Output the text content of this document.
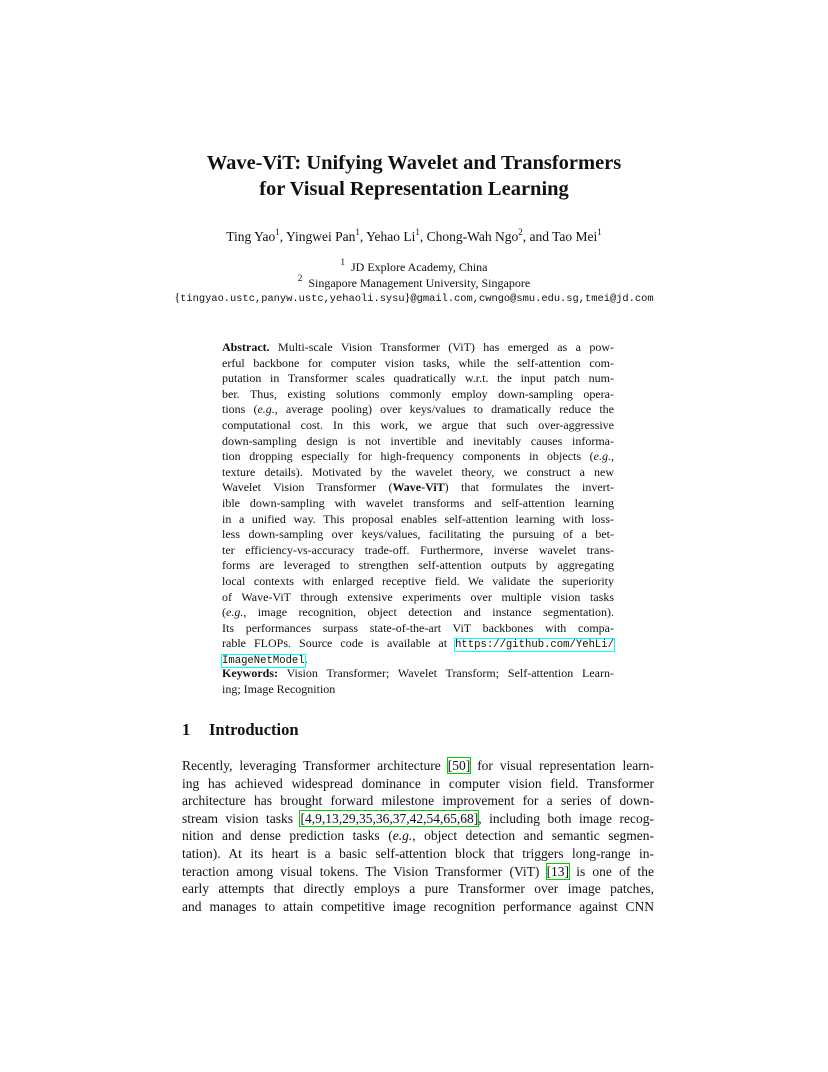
Wave-ViT: Unifying Wavelet and Transformers
for Visual Representation Learning
Ting Yao$^1$, Yingwei Pan$^1$, Yehao Li$^1$, Chong-Wah Ngo$^2$, and Tao Mei$^1$
$^1$ JD Explore Academy, China
$^2$ Singapore Management University, Singapore
{tingyao.ustc,panyw.ustc,yehaoli.sysu}@gmail.com,cwngo@smu.edu.sg,tmei@jd.com
Abstract. Multi-scale Vision Transformer (ViT) has emerged as a pow-
erful backbone for computer vision tasks, while the self-attention com-
putation in Transformer scales quadratically w.r.t. the input patch num-
ber. Thus, existing solutions commonly employ down-sampling opera-
tions (e.g., average pooling) over keys/values to dramatically reduce the
computational cost. In this work, we argue that such over-aggressive
down-sampling design is not invertible and inevitably causes informa-
tion dropping especially for high-frequency components in objects (e.g.,
texture details). Motivated by the wavelet theory, we construct a new
Wavelet Vision Transformer (Wave-ViT) that formulates the invert-
ible down-sampling with wavelet transforms and self-attention learning
in a unified way. This proposal enables self-attention learning with loss-
less down-sampling over keys/values, facilitating the pursuing of a bet-
ter efficiency-vs-accuracy trade-off. Furthermore, inverse wavelet trans-
forms are leveraged to strengthen self-attention outputs by aggregating
local contexts with enlarged receptive field. We validate the superiority
of Wave-ViT through extensive experiments over multiple vision tasks
(e.g., image recognition, object detection and instance segmentation).
Its performances surpass state-of-the-art ViT backbones with compa-
rable FLOPs. Source code is available at https://github.com/YehLi/
ImageNetModel.
Keywords: Vision Transformer; Wavelet Transform; Self-attention Learn-
ing; Image Recognition
1 Introduction
Recently, leveraging Transformer architecture [50] for visual representation learn-
ing has achieved widespread dominance in computer vision field. Transformer
architecture has brought forward milestone improvement for a series of down-
stream vision tasks [4,9,13,29,35,36,37,42,54,65,68], including both image recog-
nition and dense prediction tasks (e.g., object detection and semantic segmen-
tation). At its heart is a basic self-attention block that triggers long-range in-
teraction among visual tokens. The Vision Transformer (ViT) [13] is one of the
early attempts that directly employs a pure Transformer over image patches,
and manages to attain competitive image recognition performance against CNN
